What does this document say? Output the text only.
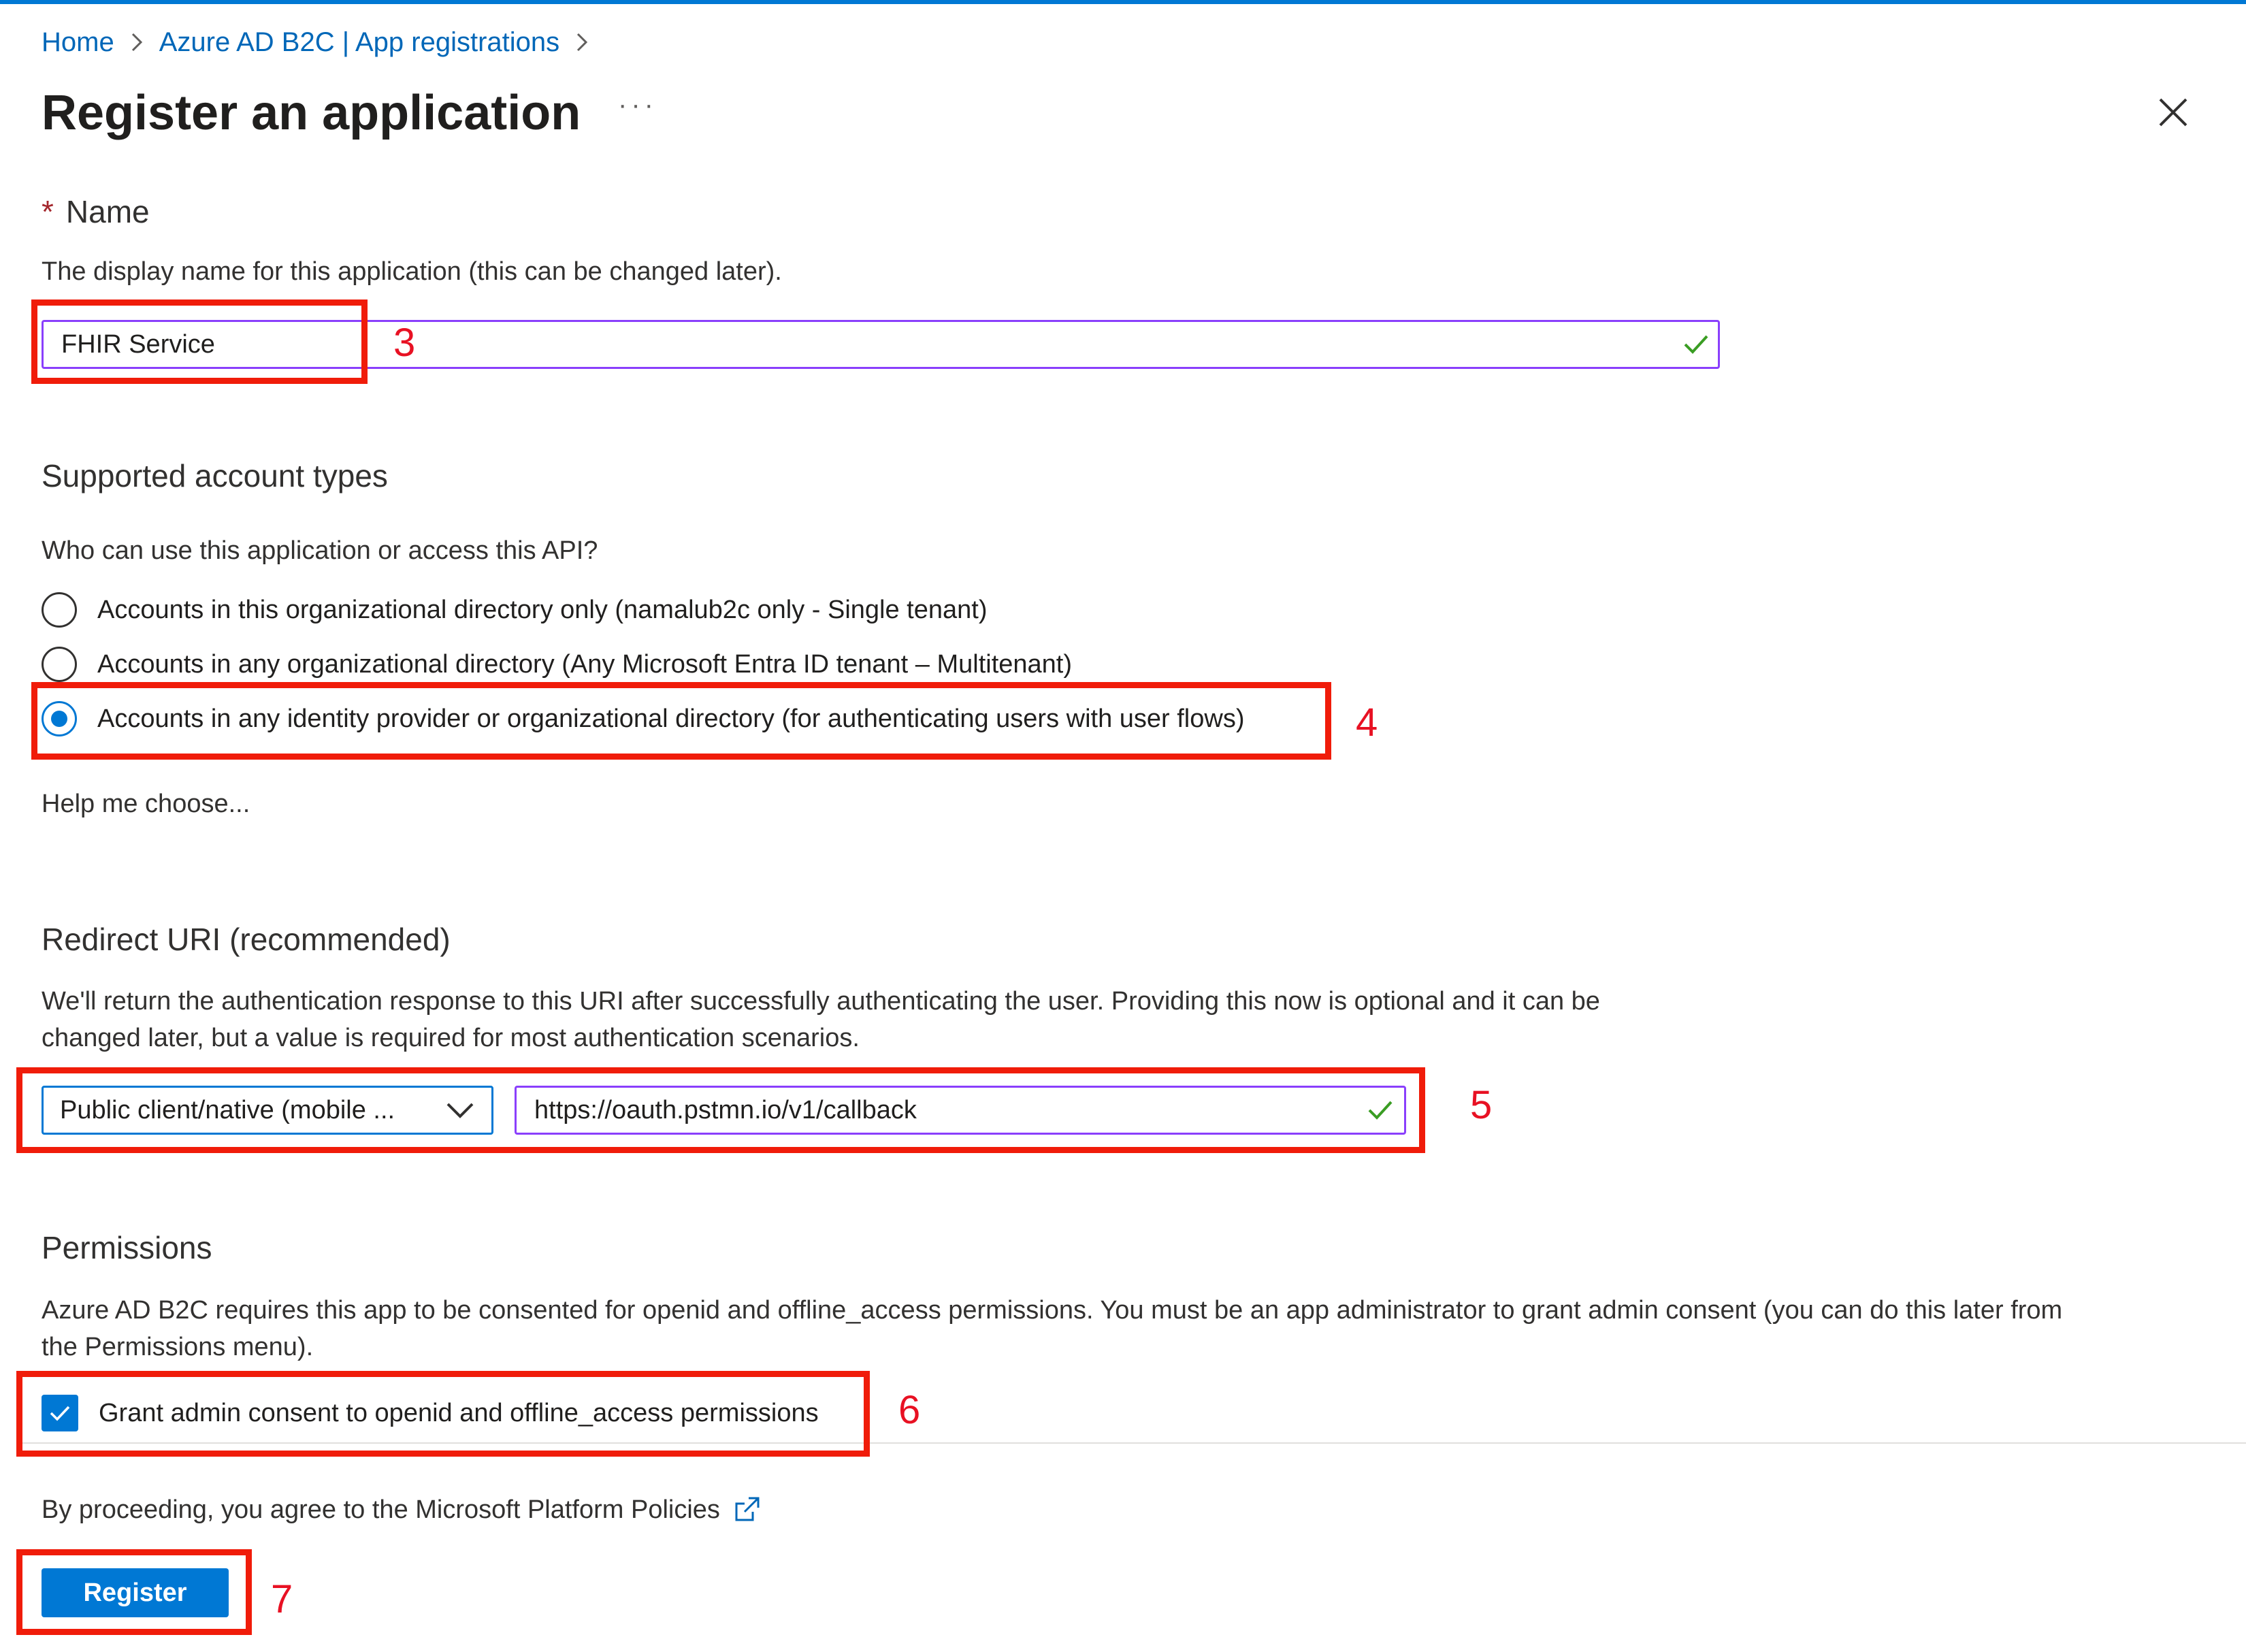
Home Azure AD B2C | App registrations
Register an application ···
* Name
The display name for this application (this can be changed later).
FHIR Service
Supported account types
Who can use this application or access this API?
Accounts in this organizational directory only (namalub2c only - Single tenant)
Accounts in any organizational directory (Any Microsoft Entra ID tenant – Multitenant)
Accounts in any identity provider or organizational directory (for authenticating users with user flows)
Help me choose...
Redirect URI (recommended)
We'll return the authentication response to this URI after successfully authenticating the user. Providing this now is optional and it can be
changed later, but a value is required for most authentication scenarios.
Public client/native (mobile ...	https://oauth.pstmn.io/v1/callback
Permissions
Azure AD B2C requires this app to be consented for openid and offline_access permissions. You must be an app administrator to grant admin consent (you can do this later from
the Permissions menu).
Grant admin consent to openid and offline_access permissions
By proceeding, you agree to the Microsoft Platform Policies
Register
3
4
5
6
7
